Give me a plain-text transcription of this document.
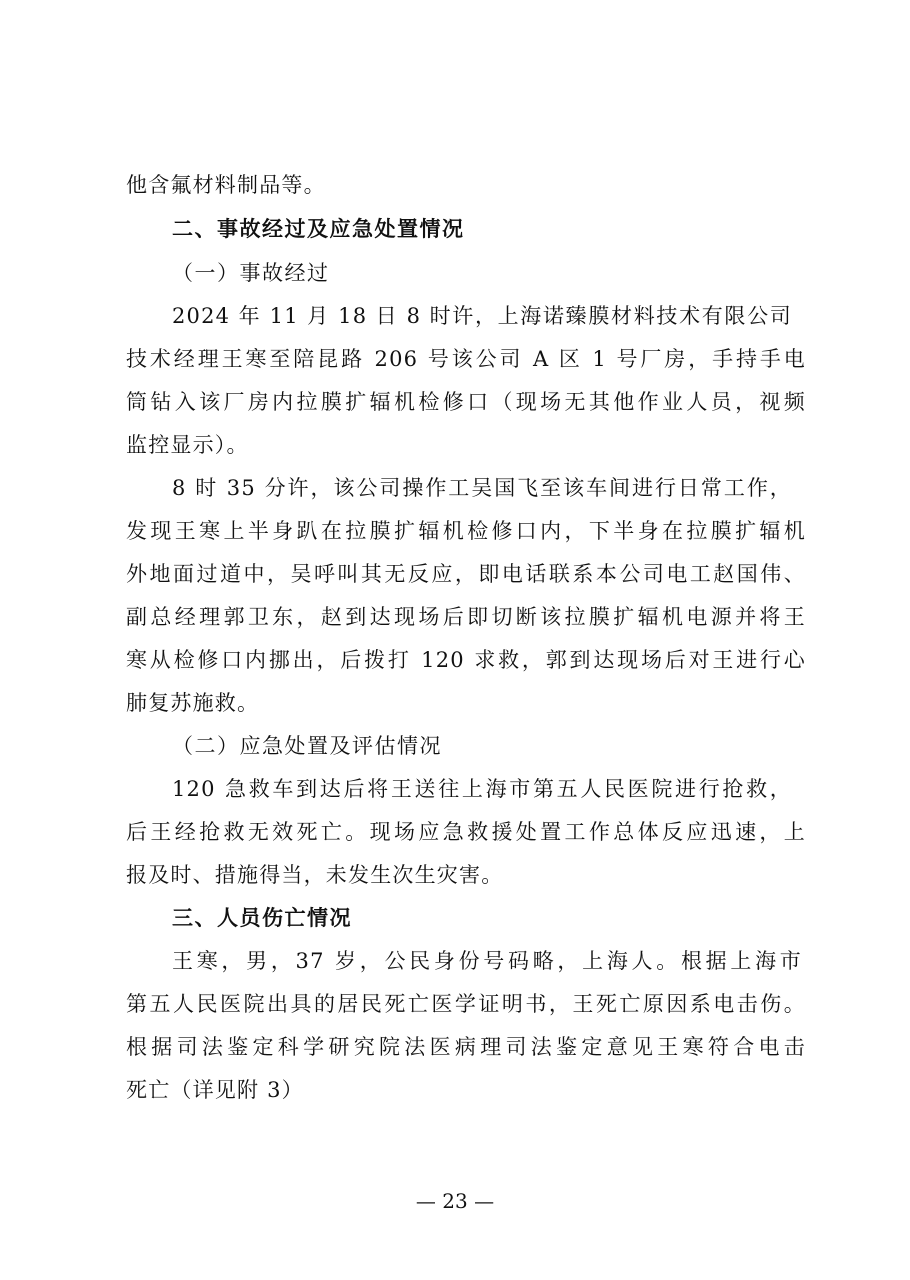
他含氟材料制品等。
二、事故经过及应急处置情况
（一）事故经过
2024 年 11 月 18 日 8 时许，上海诺臻膜材料技术有限公司
技术经理王寒至陪昆路 206 号该公司 A 区 1 号厂房，手持手电
筒钻入该厂房内拉膜扩辐机检修口（现场无其他作业人员，视频
监控显示）。
8 时 35 分许，该公司操作工吴国飞至该车间进行日常工作，
发现王寒上半身趴在拉膜扩辐机检修口内，下半身在拉膜扩辐机
外地面过道中，吴呼叫其无反应，即电话联系本公司电工赵国伟、
副总经理郭卫东，赵到达现场后即切断该拉膜扩辐机电源并将王
寒从检修口内挪出，后拨打 120 求救，郭到达现场后对王进行心
肺复苏施救。
（二）应急处置及评估情况
120 急救车到达后将王送往上海市第五人民医院进行抢救，
后王经抢救无效死亡。现场应急救援处置工作总体反应迅速，上
报及时、措施得当，未发生次生灾害。
三、人员伤亡情况
王寒，男，37 岁，公民身份号码略，上海人。根据上海市
第五人民医院出具的居民死亡医学证明书，王死亡原因系电击伤。
根据司法鉴定科学研究院法医病理司法鉴定意见王寒符合电击
死亡（详见附 3）
— 23 —
